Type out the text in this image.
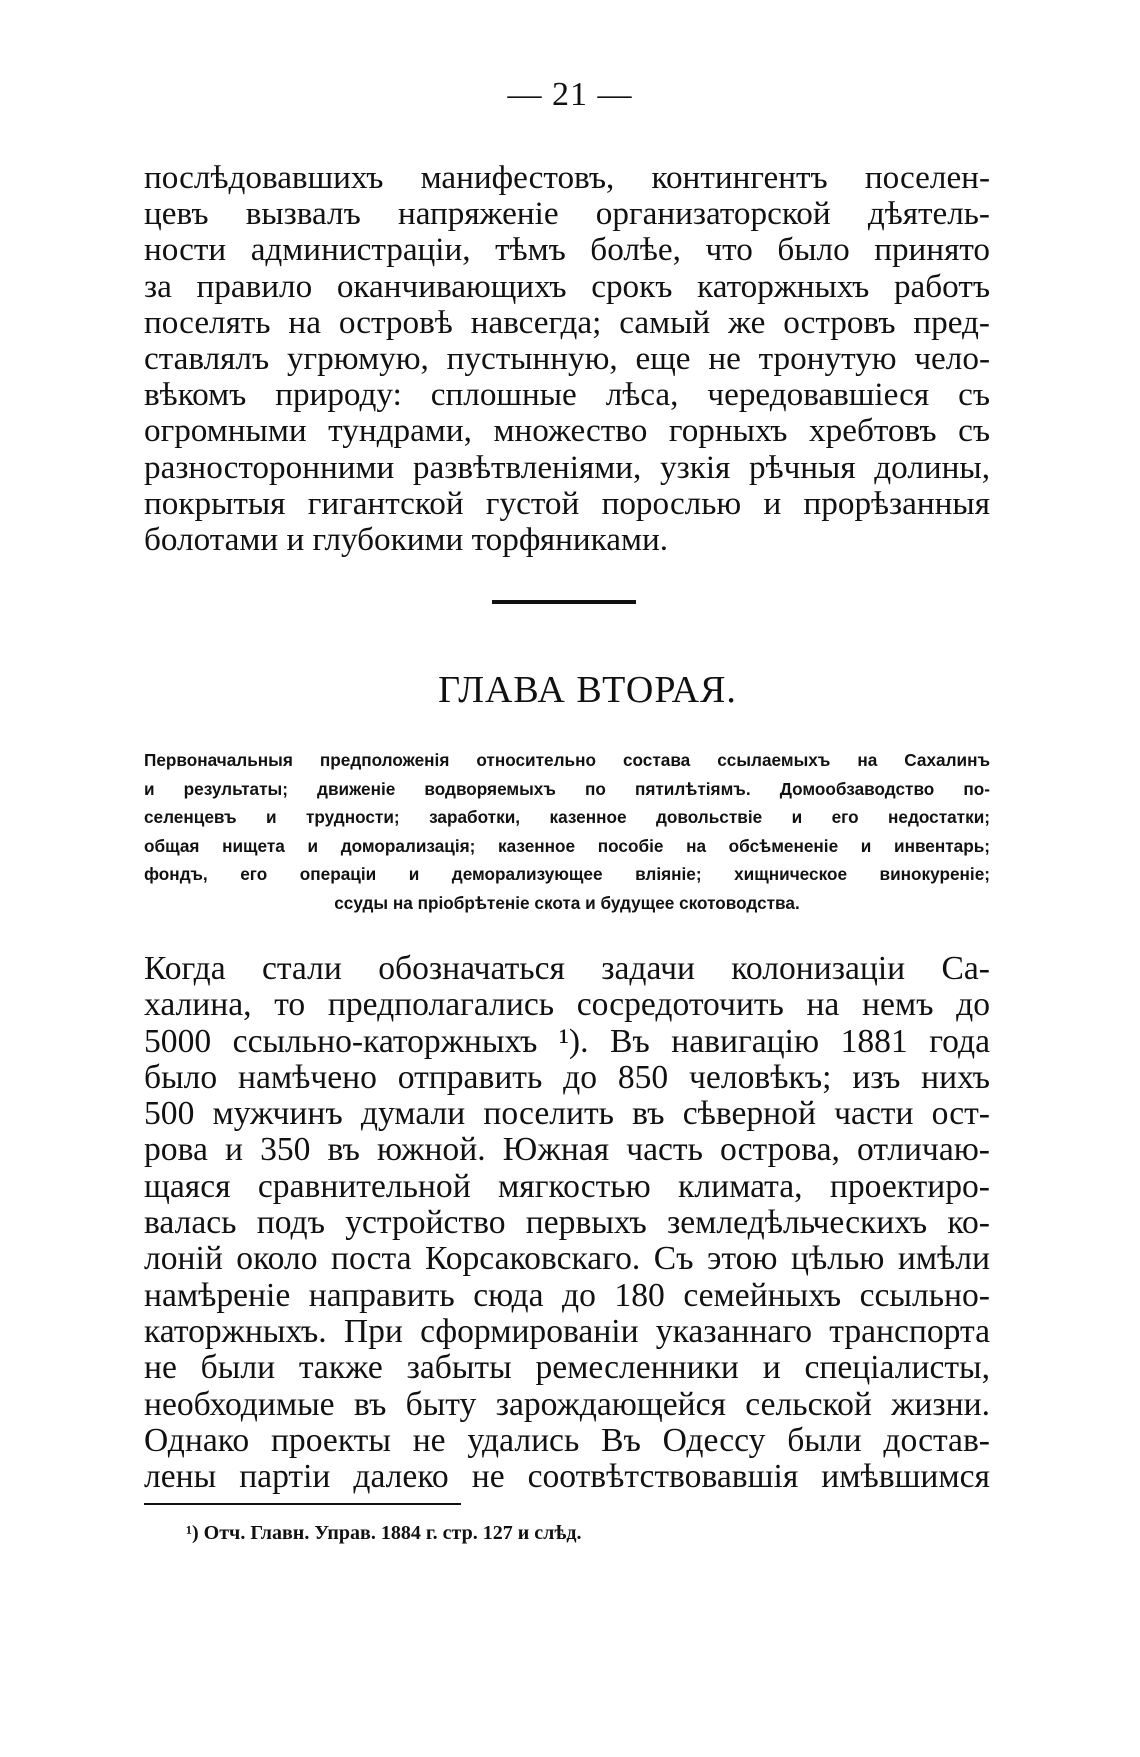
— 21 —
послѣдовавшихъ манифестовъ, контингентъ поселен-
цевъ вызвалъ напряженіе организаторской дѣятель-
ности администраціи, тѣмъ болѣе, что было принято
за правило оканчивающихъ срокъ каторжныхъ работъ
поселять на островѣ навсегда; самый же островъ пред-
ставлялъ угрюмую, пустынную, еще не тронутую чело-
вѣкомъ природу: сплошные лѣса, чередовавшіеся съ
огромными тундрами, множество горныхъ хребтовъ съ
разносторонними развѣтвленіями, узкія рѣчныя долины,
покрытыя гигантской густой порослью и прорѣзанныя
болотами и глубокими торфяниками.
ГЛАВА ВТОРАЯ.
Первоначальныя предположенія относительно состава ссылаемыхъ на Сахалинъ
и результаты; движеніе водворяемыхъ по пятилѣтіямъ. Домообзаводство по-
селенцевъ и трудности; заработки, казенное довольствіе и его недостатки;
общая нищета и доморализація; казенное пособіе на обсѣмененіе и инвентарь;
фондъ, его операціи и деморализующее вліяніе; хищническое винокуреніе;
ссуды на пріобрѣтеніе скота и будущее скотоводства.
Когда стали обозначаться задачи колонизаціи Са-
халина, то предполагались сосредоточить на немъ до
5000 ссыльно-каторжныхъ ¹). Въ навигацію 1881 года
было намѣчено отправить до 850 человѣкъ; изъ нихъ
500 мужчинъ думали поселить въ сѣверной части ост-
рова и 350 въ южной. Южная часть острова, отличаю-
щаяся сравнительной мягкостью климата, проектиро-
валась подъ устройство первыхъ земледѣльческихъ ко-
лоній около поста Корсаковскаго. Съ этою цѣлью имѣли
намѣреніе направить сюда до 180 семейныхъ ссыльно-
каторжныхъ. При сформированіи указаннаго транспорта
не были также забыты ремесленники и спеціалисты,
необходимые въ быту зарождающейся сельской жизни.
Однако проекты не удались Въ Одессу были достав-
лены партіи далеко не соотвѣтствовавшія имѣвшимся
¹) Отч. Главн. Управ. 1884 г. стр. 127 и слѣд.
